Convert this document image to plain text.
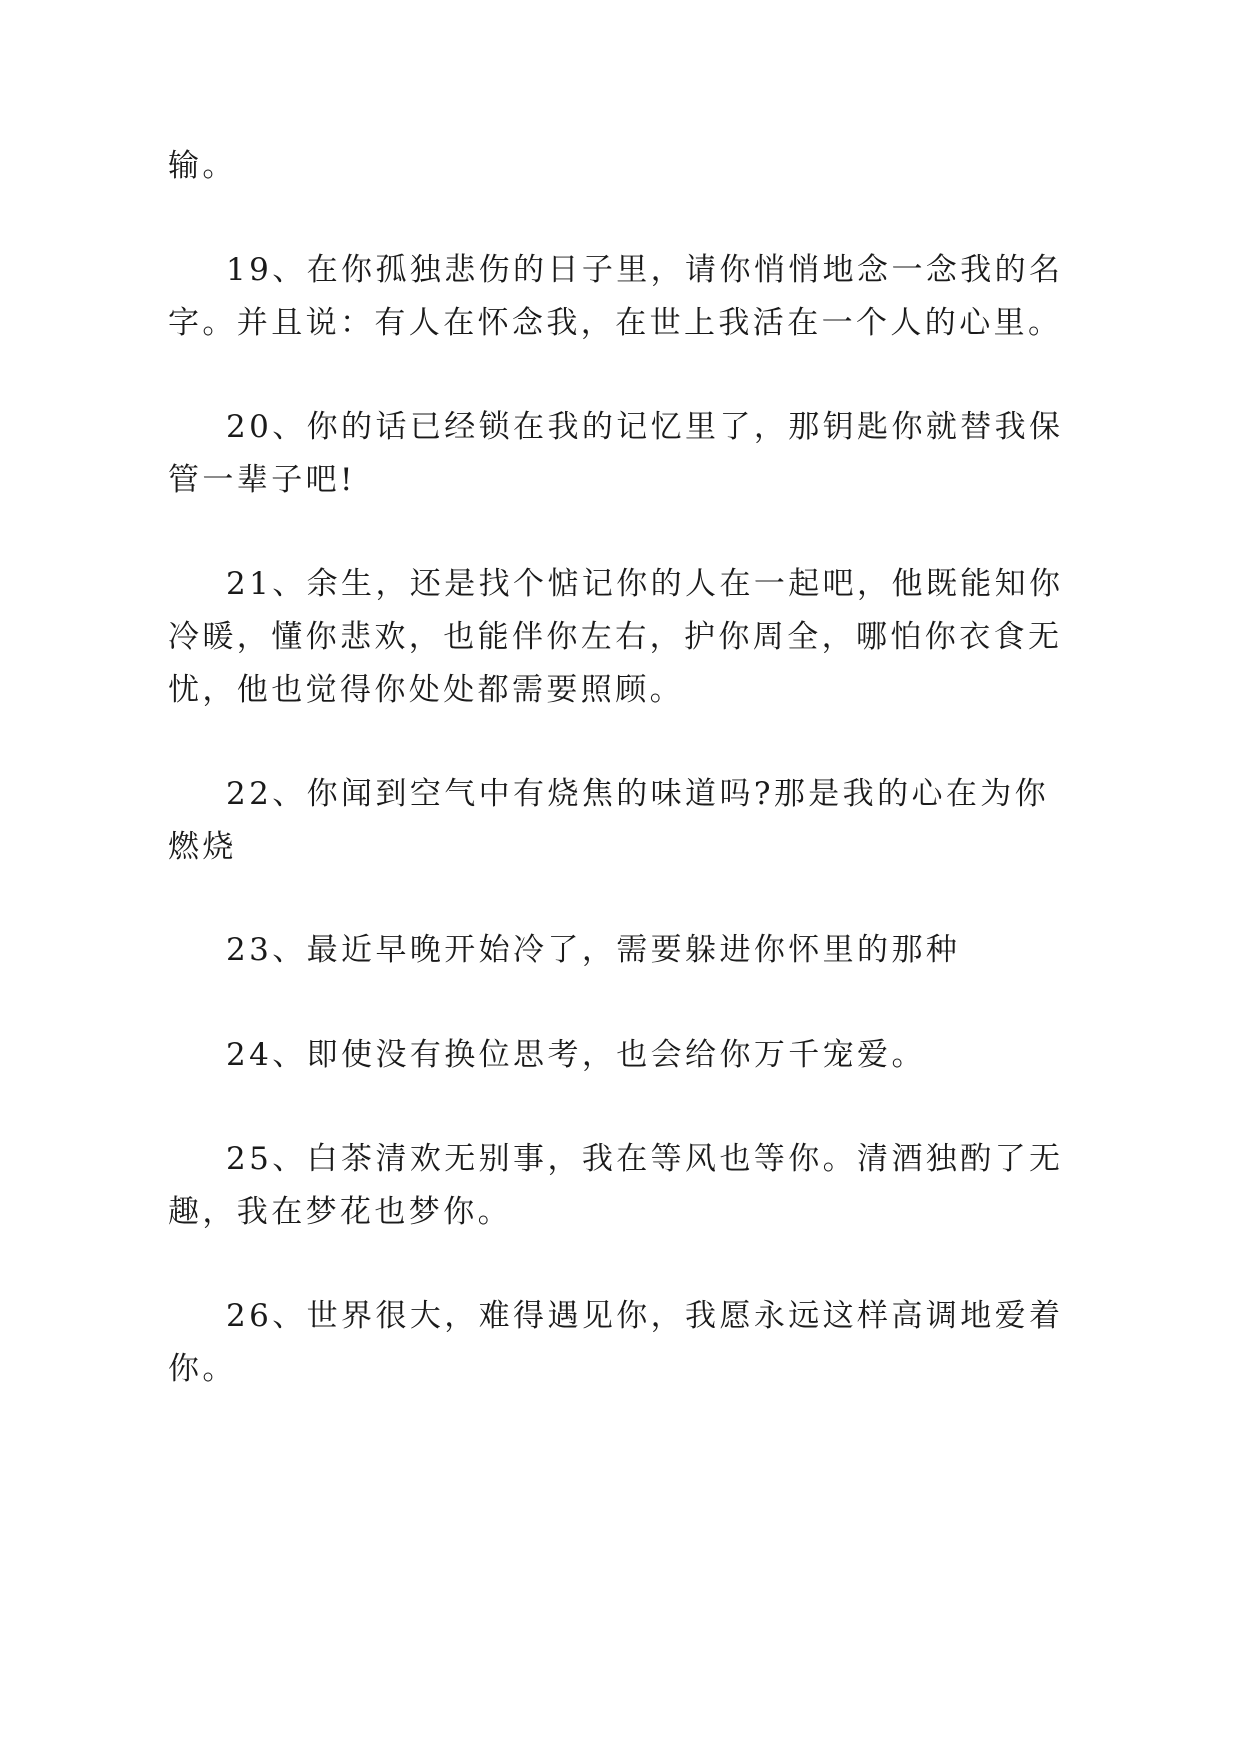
输。
19、在你孤独悲伤的日子里，请你悄悄地念一念我的名
字。并且说：有人在怀念我，在世上我活在一个人的心里。
20、你的话已经锁在我的记忆里了，那钥匙你就替我保
管一辈子吧!
21、余生，还是找个惦记你的人在一起吧，他既能知你
冷暖，懂你悲欢，也能伴你左右，护你周全，哪怕你衣食无
忧，他也觉得你处处都需要照顾。
22、你闻到空气中有烧焦的味道吗?那是我的心在为你
燃烧
23、最近早晚开始冷了，需要躲进你怀里的那种
24、即使没有换位思考，也会给你万千宠爱。
25、白茶清欢无别事，我在等风也等你。清酒独酌了无
趣，我在梦花也梦你。
26、世界很大，难得遇见你，我愿永远这样高调地爱着
你。
